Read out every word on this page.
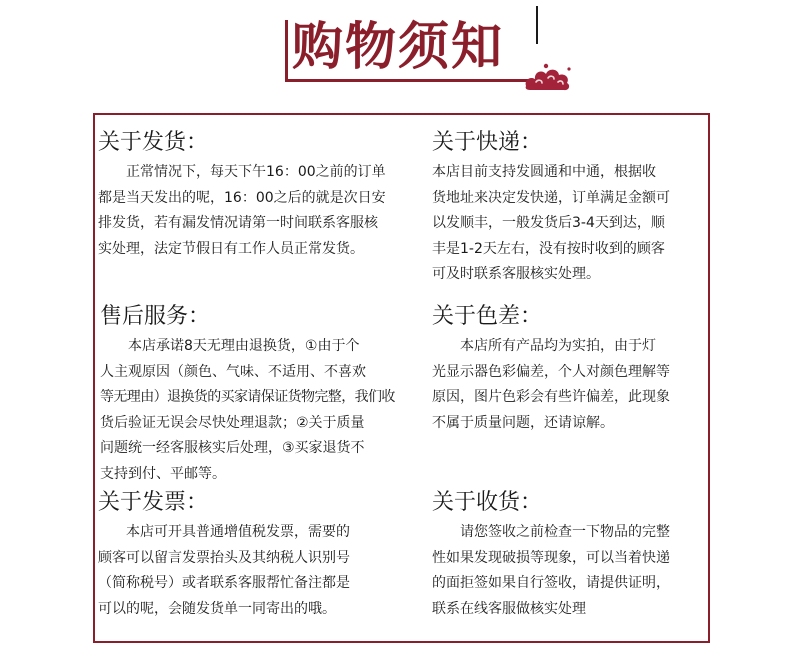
购物须知
关于发货：
　　正常情况下，每天下午16：00之前的订单
都是当天发出的呢，16：00之后的就是次日安
排发货，若有漏发情况请第一时间联系客服核
实处理，法定节假日有工作人员正常发货。
关于快递：
本店目前支持发圆通和中通，根据收
货地址来决定发快递，订单满足金额可
以发顺丰，一般发货后3-4天到达，顺
丰是1-2天左右，没有按时收到的顾客
可及时联系客服核实处理。
售后服务：
　　本店承诺8天无理由退换货，①由于个
人主观原因（颜色、气味、不适用、不喜欢
等无理由）退换货的买家请保证货物完整，我们收
货后验证无误会尽快处理退款；②关于质量
问题统一经客服核实后处理，③买家退货不
支持到付、平邮等。
关于色差：
　　本店所有产品均为实拍，由于灯
光显示器色彩偏差，个人对颜色理解等
原因，图片色彩会有些许偏差，此现象
不属于质量问题，还请谅解。
关于发票：
　　本店可开具普通增值税发票，需要的
顾客可以留言发票抬头及其纳税人识别号
（简称税号）或者联系客服帮忙备注都是
可以的呢，会随发货单一同寄出的哦。
关于收货：
　　请您签收之前检查一下物品的完整
性如果发现破损等现象，可以当着快递
的面拒签如果自行签收，请提供证明，
联系在线客服做核实处理
